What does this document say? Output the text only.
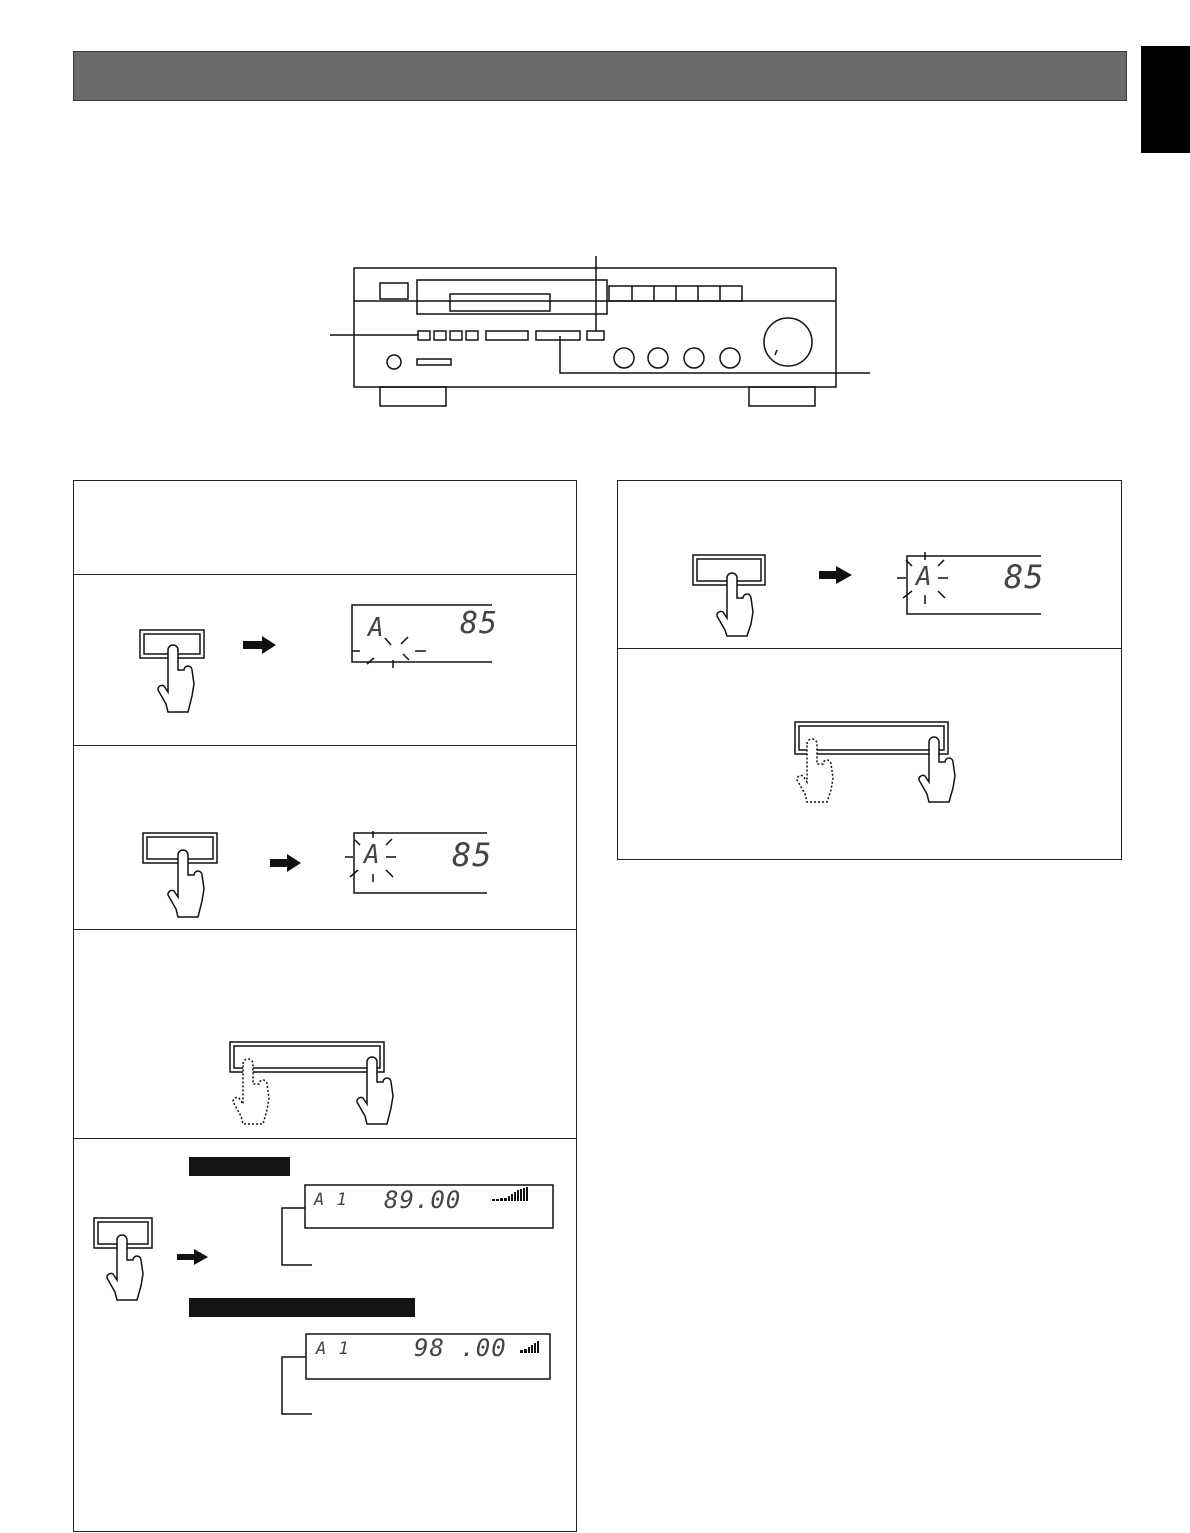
A	85
A 85
A 85
A 1 89.00
A 1	98 .00
